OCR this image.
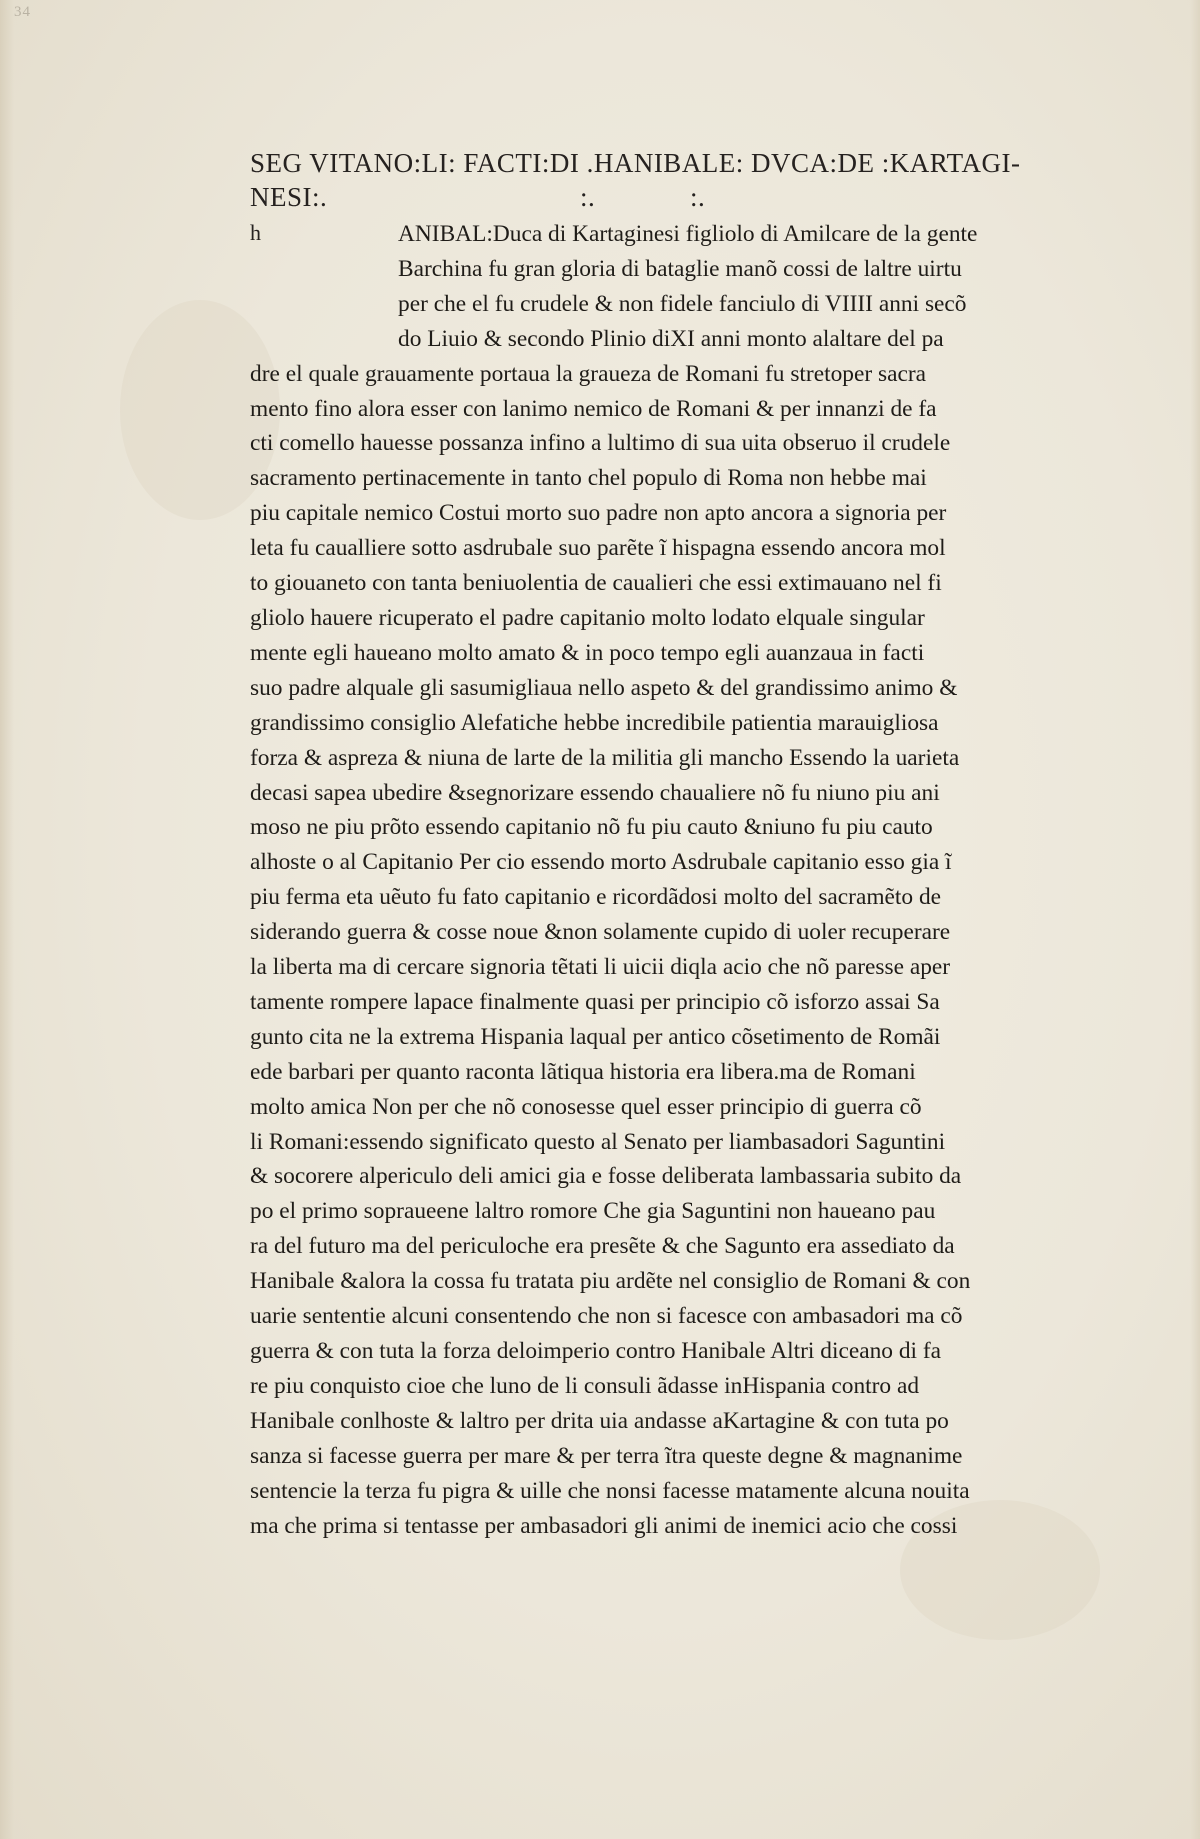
34
SEG VITANO:LI: FACTI:DI .HANIBALE: DVCA:DE :KARTAGI-
NESI:.	:.	:.
h	ANIBAL:Duca di Kartaginesi figliolo di Amilcare de la gente
Barchina fu gran gloria di bataglie manõ cossi de laltre uirtu
per che el fu crudele & non fidele fanciulo di VIIII anni secõ
do Liuio & secondo Plinio diXI anni monto alaltare del pa
dre el quale grauamente portaua la graueza de Romani fu stretoper sacra
mento fino alora esser con lanimo nemico de Romani & per innanzi de fa
cti comello hauesse possanza infino a lultimo di sua uita obseruo il crudele
sacramento pertinacemente in tanto chel populo di Roma non hebbe mai
piu capitale nemico Costui morto suo padre non apto ancora a signoria per
leta fu caualliere sotto asdrubale suo parẽte ĩ hispagna essendo ancora mol
to giouaneto con tanta beniuolentia de caualieri che essi extimauano nel fi
gliolo hauere ricuperato el padre capitanio molto lodato elquale singular
mente egli haueano molto amato & in poco tempo egli auanzaua in facti
suo padre alquale gli sasumigliaua nello aspeto & del grandissimo animo &
grandissimo consiglio Alefatiche hebbe incredibile patientia marauigliosa
forza & aspreza & niuna de larte de la militia gli mancho Essendo la uarieta
decasi sapea ubedire &segnorizare essendo chaualiere nõ fu niuno piu ani
moso ne piu prõto essendo capitanio nõ fu piu cauto &niuno fu piu cauto
alhoste o al Capitanio Per cio essendo morto Asdrubale capitanio esso gia ĩ
piu ferma eta uẽuto fu fato capitanio e ricordãdosi molto del sacramẽto de
siderando guerra & cosse noue &non solamente cupido di uoler recuperare
la liberta ma di cercare signoria tẽtati li uicii diqla acio che nõ paresse aper
tamente rompere lapace finalmente quasi per principio cõ isforzo assai Sa
gunto cita ne la extrema Hispania laqual per antico cõsetimento de Romãi
ede barbari per quanto raconta lãtiqua historia era libera.ma de Romani
molto amica Non per che nõ conosesse quel esser principio di guerra cõ
li Romani:essendo significato questo al Senato per liambasadori Saguntini
& socorere alpericulo deli amici gia e fosse deliberata lambassaria subito da
po el primo sopraueene laltro romore Che gia Saguntini non haueano pau
ra del futuro ma del periculoche era presẽte & che Sagunto era assediato da
Hanibale &alora la cossa fu tratata piu ardẽte nel consiglio de Romani & con
uarie sententie alcuni consentendo che non si facesce con ambasadori ma cõ
guerra & con tuta la forza deloimperio contro Hanibale Altri diceano di fa
re piu conquisto cioe che luno de li consuli ãdasse inHispania contro ad
Hanibale conlhoste & laltro per drita uia andasse aKartagine & con tuta po
sanza si facesse guerra per mare & per terra ĩtra queste degne & magnanime
sentencie la terza fu pigra & uille che nonsi facesse matamente alcuna nouita
ma che prima si tentasse per ambasadori gli animi de inemici acio che cossi
